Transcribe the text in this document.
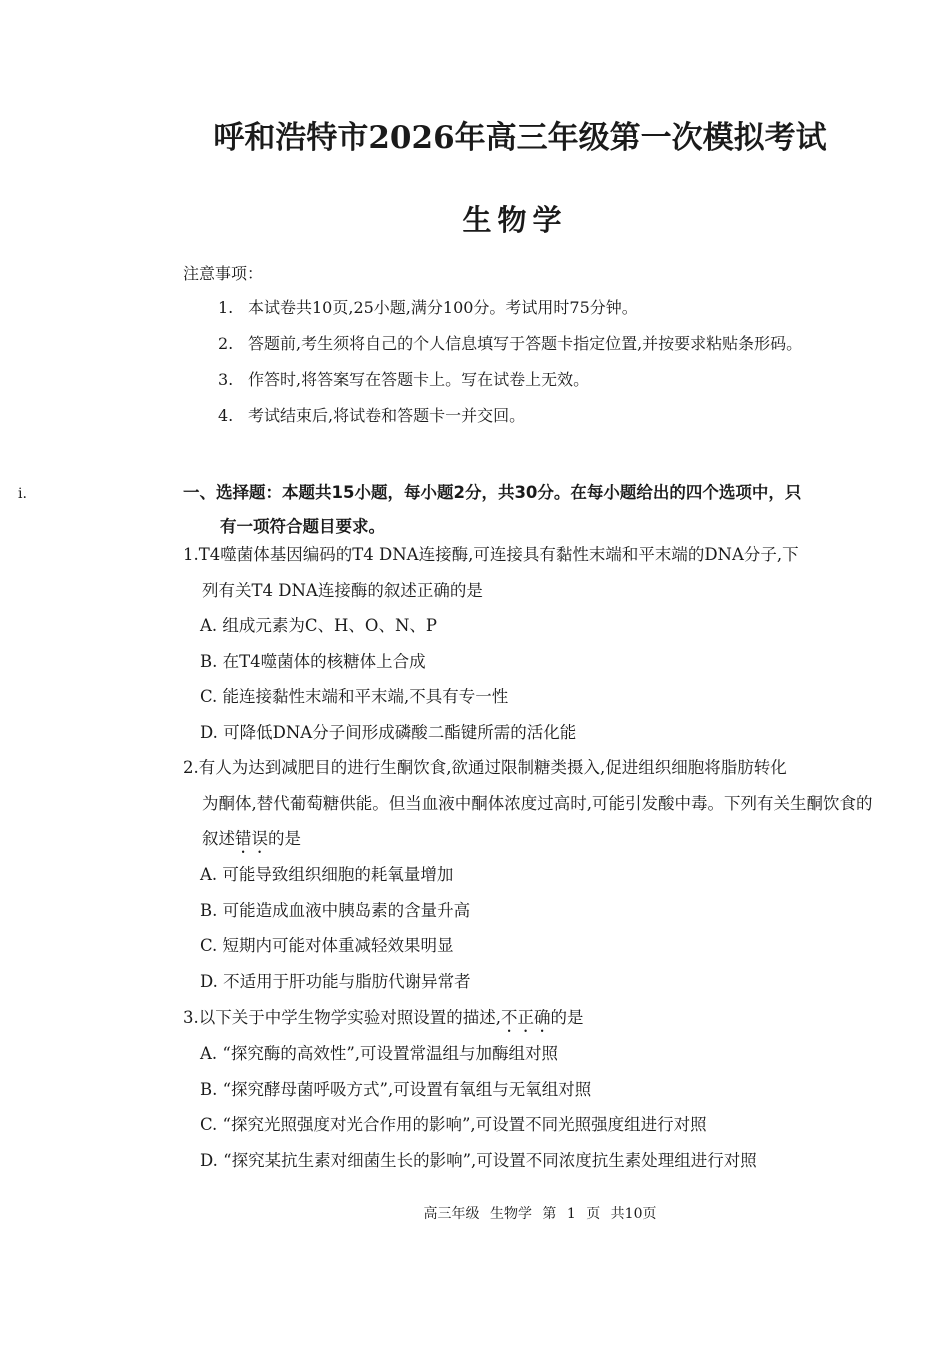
呼和浩特市2026年高三年级第一次模拟考试
生物学
注意事项：
1. 本试卷共10页,25小题,满分100分。考试用时75分钟。
2. 答题前,考生须将自己的个人信息填写于答题卡指定位置,并按要求粘贴条形码。
3. 作答时,将答案写在答题卡上。写在试卷上无效。
4. 考试结束后,将试卷和答题卡一并交回。
i.	一、选择题：本题共15小题，每小题2分，共30分。在每小题给出的四个选项中，只
有一项符合题目要求。
1.T4噬菌体基因编码的T4 DNA连接酶,可连接具有黏性末端和平末端的DNA分子,下
列有关T4 DNA连接酶的叙述正确的是
A. 组成元素为C、H、O、N、P
B. 在T4噬菌体的核糖体上合成
C. 能连接黏性末端和平末端,不具有专一性
D. 可降低DNA分子间形成磷酸二酯键所需的活化能
2.有人为达到减肥目的进行生酮饮食,欲通过限制糖类摄入,促进组织细胞将脂肪转化
为酮体,替代葡萄糖供能。但当血液中酮体浓度过高时,可能引发酸中毒。下列有关生酮饮食的叙述错误的是
A. 可能导致组织细胞的耗氧量增加
B. 可能造成血液中胰岛素的含量升高
C. 短期内可能对体重减轻效果明显
D. 不适用于肝功能与脂肪代谢异常者
3.以下关于中学生物学实验对照设置的描述,不正确的是
A. “探究酶的高效性”,可设置常温组与加酶组对照
B. “探究酵母菌呼吸方式”,可设置有氧组与无氧组对照
C. “探究光照强度对光合作用的影响”,可设置不同光照强度组进行对照
D. “探究某抗生素对细菌生长的影响”,可设置不同浓度抗生素处理组进行对照
高三年级 生物学 第 1 页 共10页
